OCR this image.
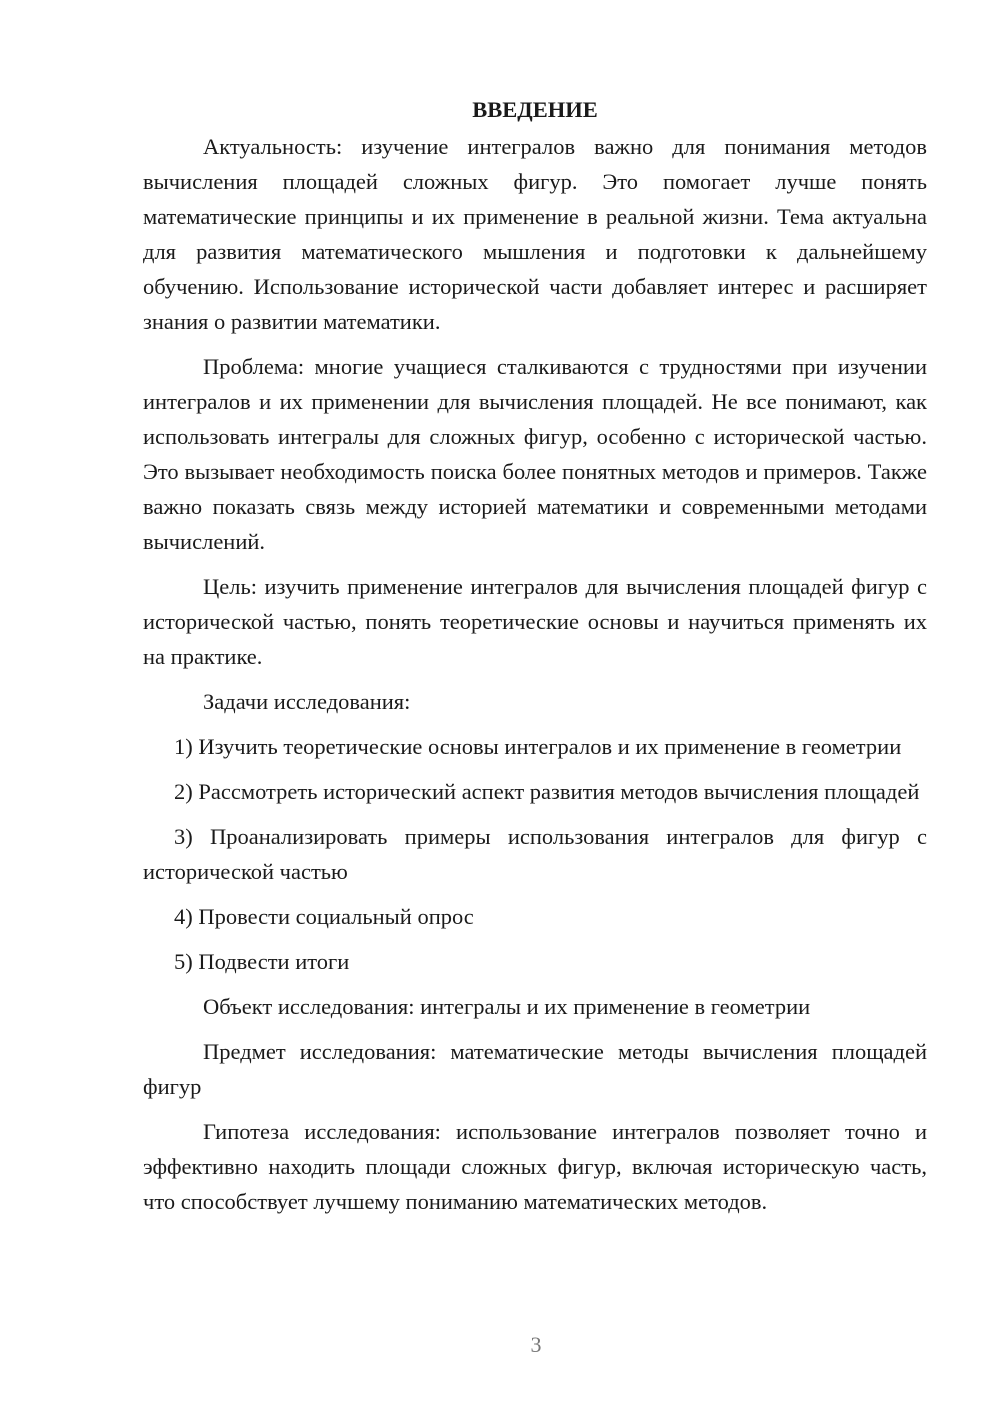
ВВЕДЕНИЕ

Актуальность: изучение интегралов важно для понимания методов вычисления площадей сложных фигур. Это помогает лучше понять математические принципы и их применение в реальной жизни. Тема актуальна для развития математического мышления и подготовки к дальнейшему обучению. Использование исторической части добавляет интерес и расширяет знания о развитии математики.

Проблема: многие учащиеся сталкиваются с трудностями при изучении интегралов и их применении для вычисления площадей. Не все понимают, как использовать интегралы для сложных фигур, особенно с исторической частью. Это вызывает необходимость поиска более понятных методов и примеров. Также важно показать связь между историей математики и современными методами вычислений.

Цель: изучить применение интегралов для вычисления площадей фигур с исторической частью, понять теоретические основы и научиться применять их на практике.

Задачи исследования:

1) Изучить теоретические основы интегралов и их применение в геометрии

2) Рассмотреть исторический аспект развития методов вычисления площадей

3) Проанализировать примеры использования интегралов для фигур с исторической частью

4) Провести социальный опрос

5) Подвести итоги

Объект исследования: интегралы и их применение в геометрии

Предмет исследования: математические методы вычисления площадей фигур

Гипотеза исследования: использование интегралов позволяет точно и эффективно находить площади сложных фигур, включая историческую часть, что способствует лучшему пониманию математических методов.

3
